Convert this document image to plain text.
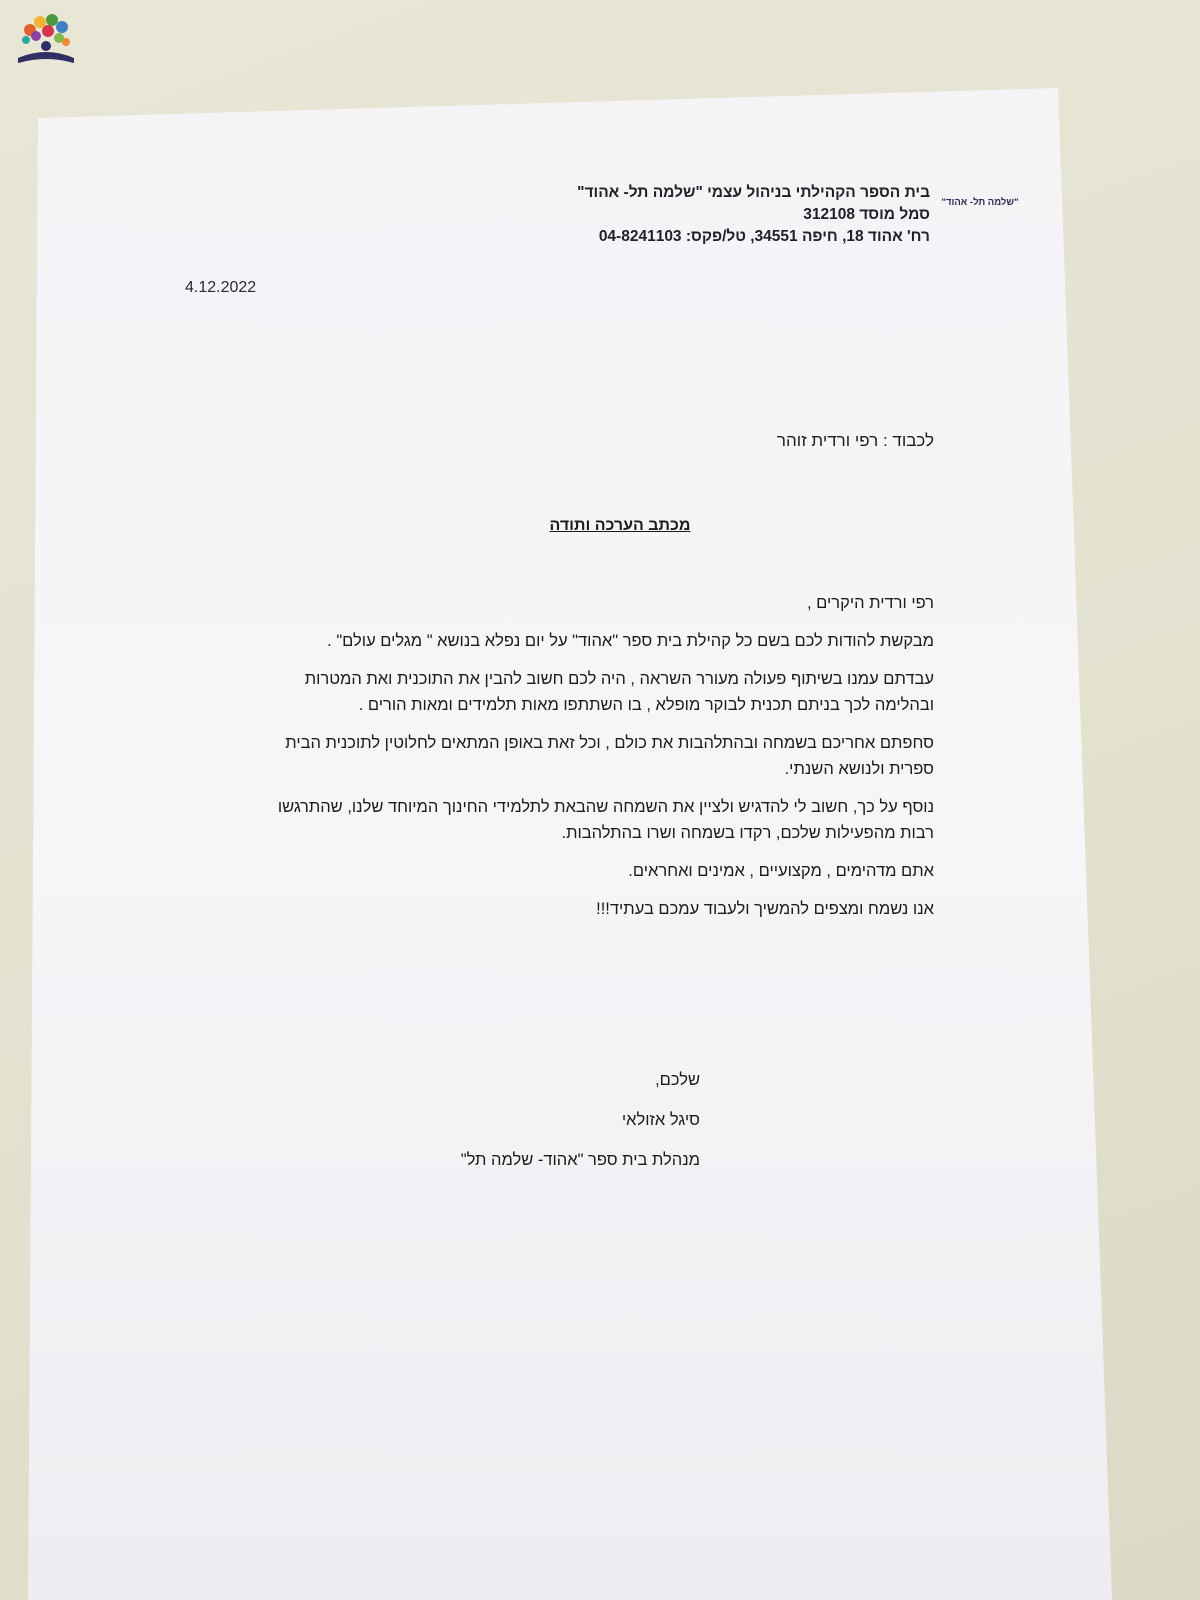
"שלמה תל- אהוד"
בית הספר הקהילתי בניהול עצמי "שלמה תל- אהוד"
סמל מוסד 312108
רח' אהוד 18, חיפה 34551, טל/פקס: 04-8241103
4.12.2022
לכבוד : רפי ורדית זוהר
מכתב הערכה ותודה

רפי ורדית היקרים ,

מבקשת להודות לכם בשם כל קהילת בית ספר "אהוד" על יום נפלא בנושא " מגלים עולם" .

עבדתם עמנו בשיתוף פעולה מעורר השראה , היה לכם חשוב להבין את התוכנית ואת המטרות
ובהלימה לכך בניתם תכנית לבוקר מופלא , בו השתתפו מאות תלמידים ומאות הורים .

סחפתם אחריכם בשמחה ובהתלהבות את כולם , וכל זאת באופן המתאים לחלוטין לתוכנית הבית
ספרית ולנושא השנתי.

נוסף על כך, חשוב לי להדגיש ולציין את השמחה שהבאת לתלמידי החינוך המיוחד שלנו, שהתרגשו
רבות מהפעילות שלכם, רקדו בשמחה ושרו בהתלהבות.

אתם מדהימים , מקצועיים , אמינים ואחראים.

אנו נשמח ומצפים להמשיך ולעבוד עמכם בעתיד!!!

שלכם,
סיגל אזולאי
מנהלת בית ספר "אהוד- שלמה תל"
